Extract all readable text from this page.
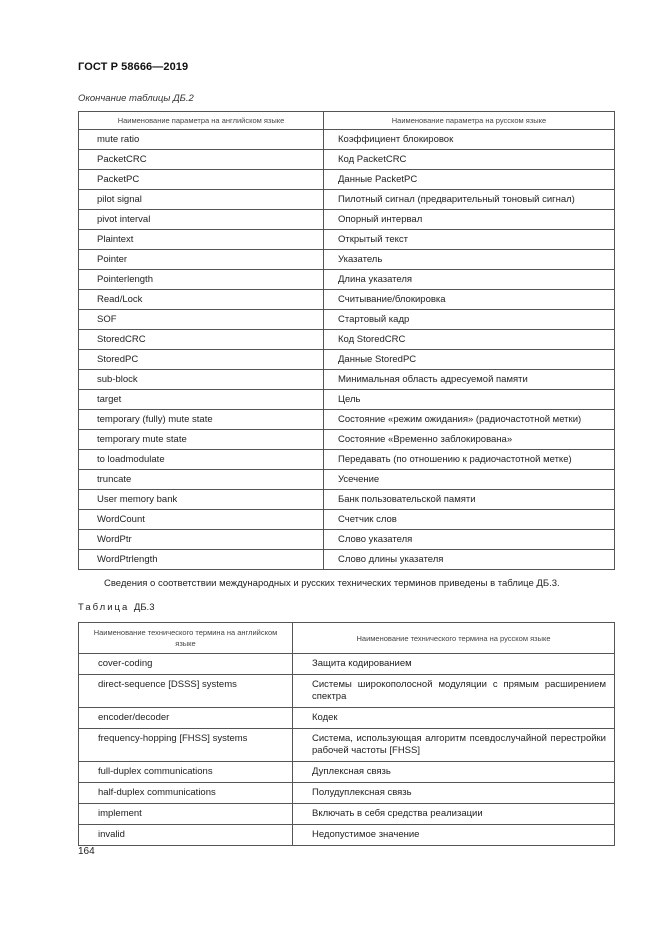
ГОСТ Р 58666—2019
Окончание таблицы ДБ.2
Наименование параметра на английском языке	Наименование параметра на русском языке
mute ratio	Коэффициент блокировок
PacketCRC	Код PacketCRC
PacketPC	Данные PacketPC
pilot signal	Пилотный сигнал (предварительный тоновый сигнал)
pivot interval	Опорный интервал
Plaintext	Открытый текст
Pointer	Указатель
Pointerlength	Длина указателя
Read/Lock	Считывание/блокировка
SOF	Стартовый кадр
StoredCRC	Код StoredCRC
StoredPC	Данные StoredPC
sub-block	Минимальная область адресуемой памяти
target	Цель
temporary (fully) mute state	Состояние «режим ожидания» (радиочастотной метки)
temporary mute state	Состояние «Временно заблокирована»
to loadmodulate	Передавать (по отношению к радиочастотной метке)
truncate	Усечение
User memory bank	Банк пользовательской памяти
WordCount	Счетчик слов
WordPtr	Слово указателя
WordPtrlength	Слово длины указателя
Сведения о соответствии международных и русских технических терминов приведены в таблице ДБ.3.
Таблица ДБ.3
Наименование технического термина на английском языке	Наименование технического термина на русском языке
cover-coding	Защита кодированием
direct-sequence [DSSS] systems	Системы широкополосной модуляции с прямым расширением спектра
encoder/decoder	Кодек
frequency-hopping [FHSS] systems	Система, использующая алгоритм псевдослучайной перестройки рабочей частоты [FHSS]
full-duplex communications	Дуплексная связь
half-duplex communications	Полудуплексная связь
implement	Включать в себя средства реализации
invalid	Недопустимое значение
164
